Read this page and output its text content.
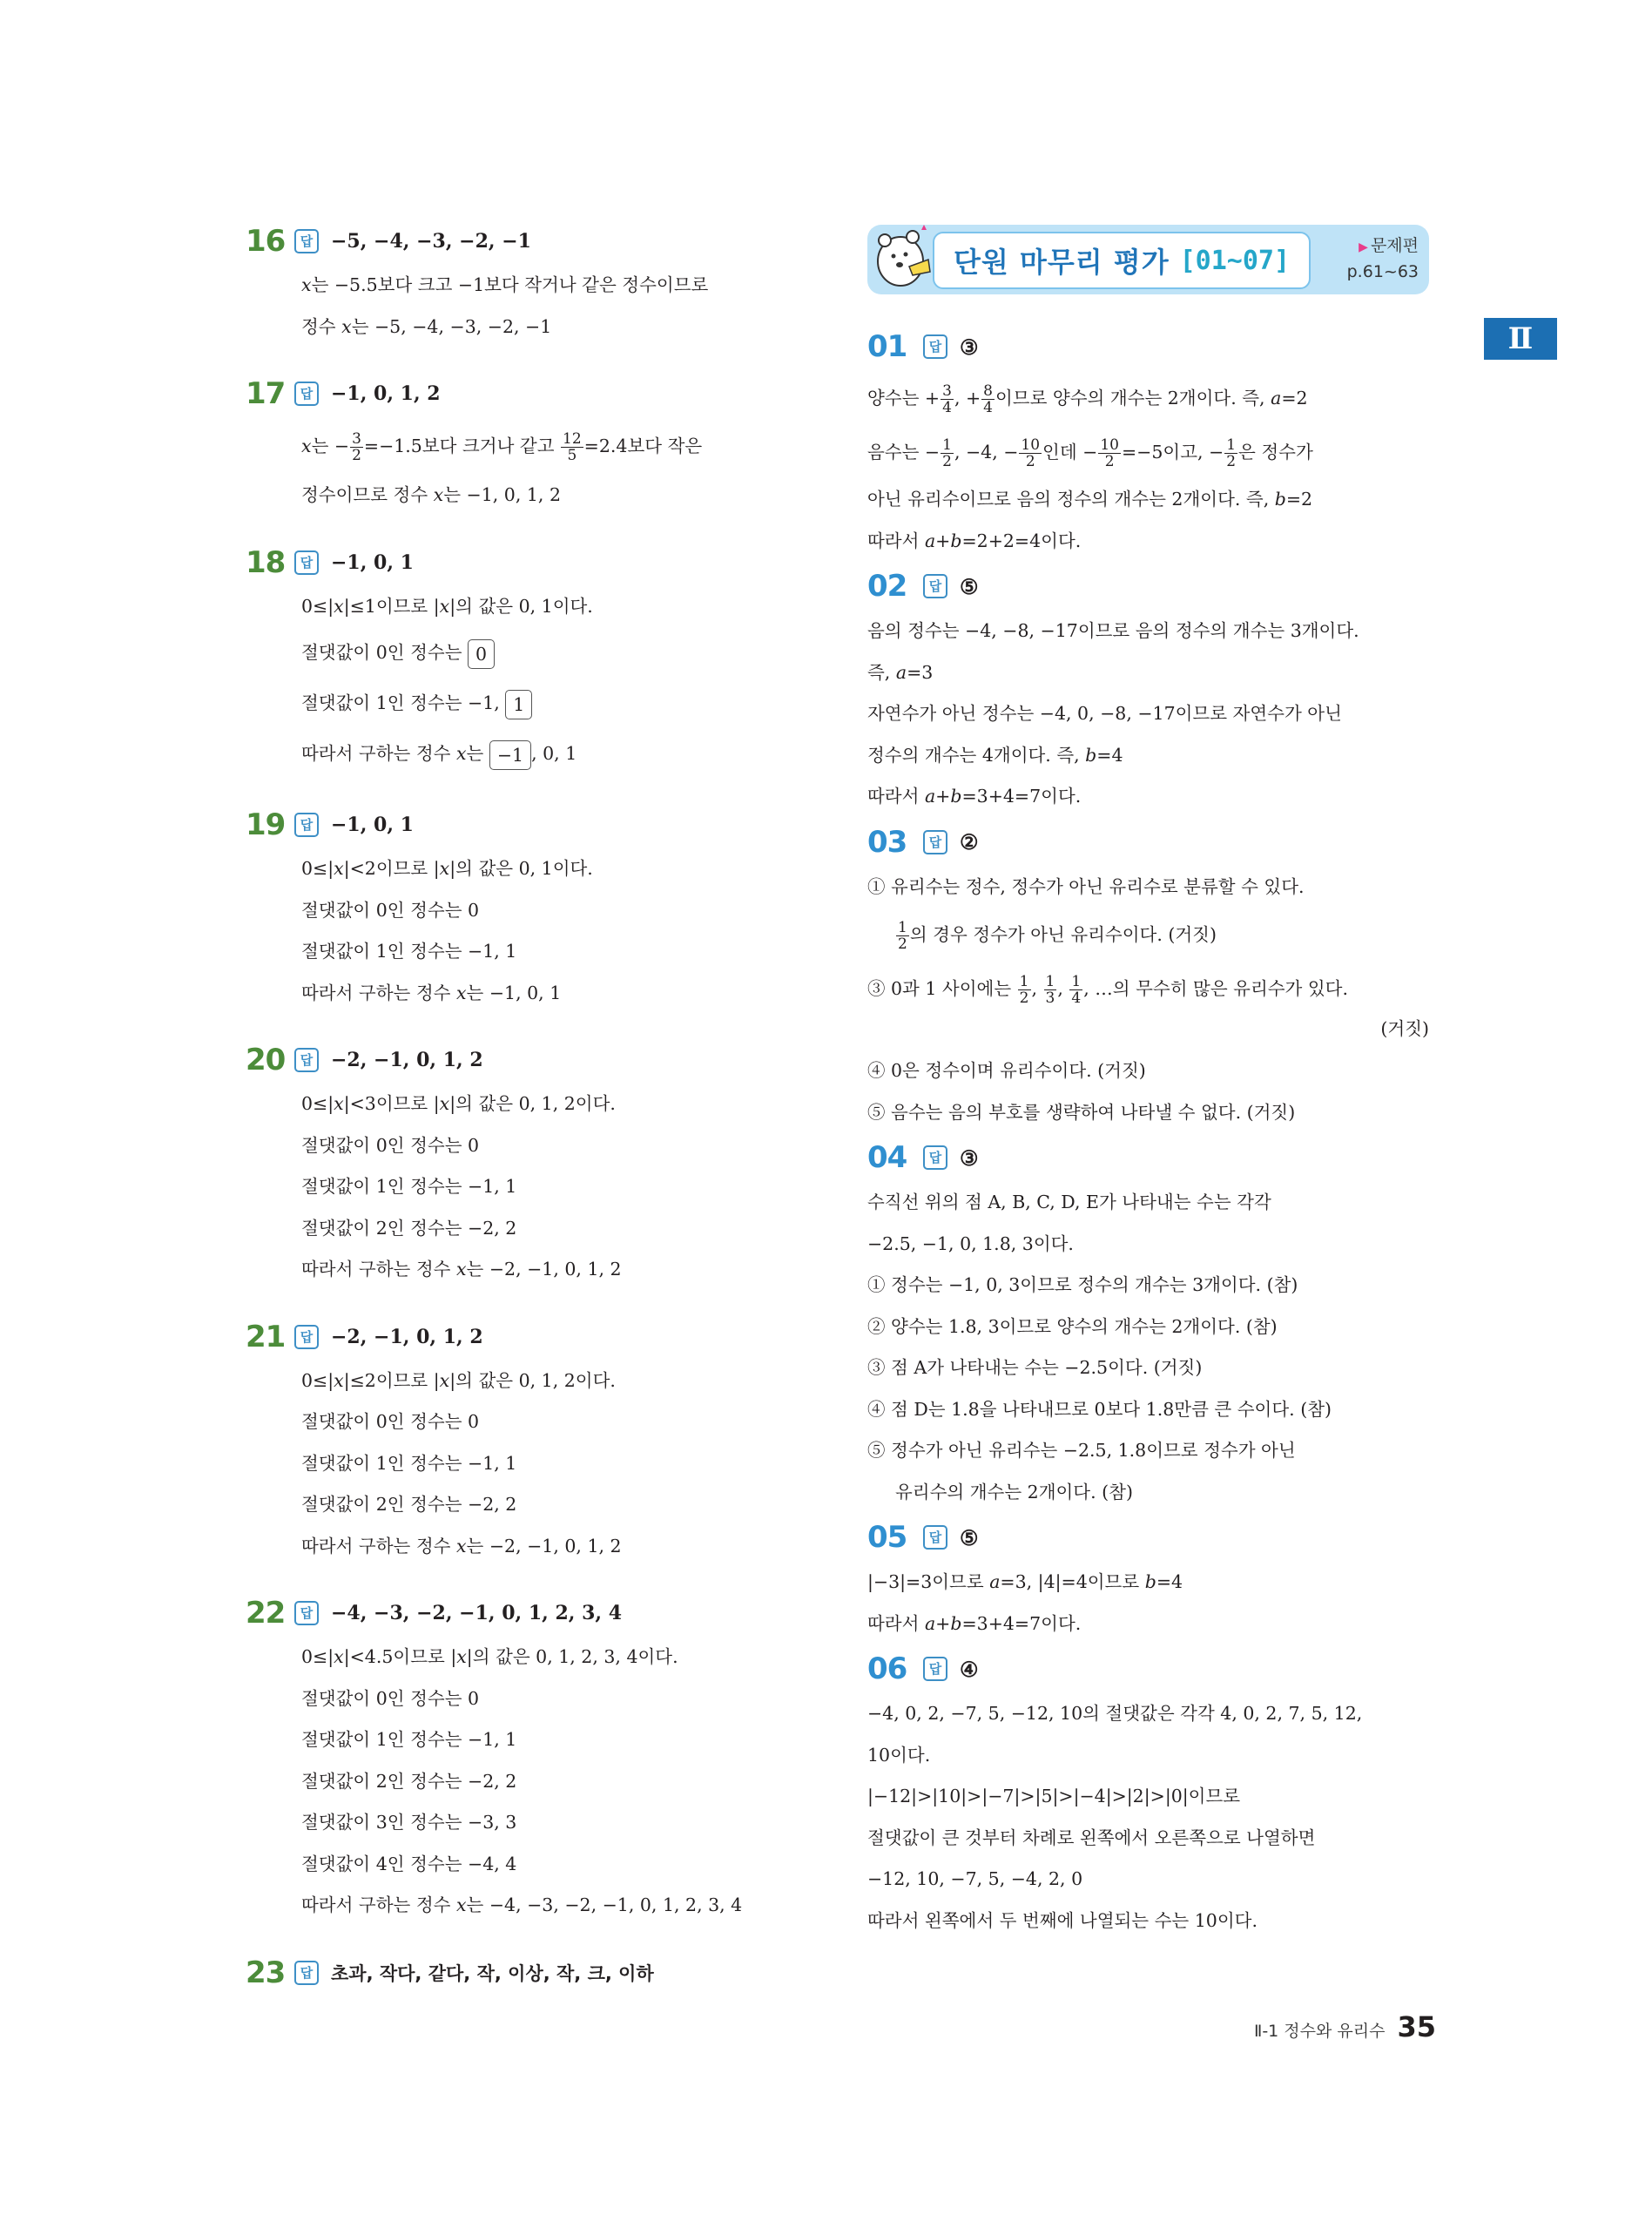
단원 마무리 평가 [01~07]	▶ 문제편
p.61~63
Ⅱ
16	답 −5, −4, −3, −2, −1
x는 −5.5보다 크고 −1보다 작거나 같은 정수이므로
정수 x는 −5, −4, −3, −2, −1
17	답 −1, 0, 1, 2
x는 − $\frac{3}{2} =-1.5$보다 크거나 같고 $\frac{12}{5} =2.4$보다 작은
정수이므로 정수 x는 −1, 0, 1, 2
18	답 −1, 0, 1
0≤|x|≤1이므로 |x|의 값은 0, 1이다.
절댓값이 0인 정수는 0
절댓값이 1인 정수는 −1, 1
따라서 구하는 정수 x는 −1 , 0, 1
19	답 −1, 0, 1
0≤|x|<2이므로 |x|의 값은 0, 1이다.
절댓값이 0인 정수는 0
절댓값이 1인 정수는 −1, 1
따라서 구하는 정수 x는 −1, 0, 1
20	답 −2, −1, 0, 1, 2
0≤|x|<3이므로 |x|의 값은 0, 1, 2이다.
절댓값이 0인 정수는 0
절댓값이 1인 정수는 −1, 1
절댓값이 2인 정수는 −2, 2
따라서 구하는 정수 x는 −2, −1, 0, 1, 2
21	답 −2, −1, 0, 1, 2
0≤|x|≤2이므로 |x|의 값은 0, 1, 2이다.
절댓값이 0인 정수는 0
절댓값이 1인 정수는 −1, 1
절댓값이 2인 정수는 −2, 2
따라서 구하는 정수 x는 −2, −1, 0, 1, 2
22	답 −4, −3, −2, −1, 0, 1, 2, 3, 4
0≤|x|<4.5이므로 |x|의 값은 0, 1, 2, 3, 4이다.
절댓값이 0인 정수는 0
절댓값이 1인 정수는 −1, 1
절댓값이 2인 정수는 −2, 2
절댓값이 3인 정수는 −3, 3
절댓값이 4인 정수는 −4, 4
따라서 구하는 정수 x는 −4, −3, −2, −1, 0, 1, 2, 3, 4
23	답 초과, 작다, 같다, 작, 이상, 작, 크, 이하
01	답 ③
양수는 + $\frac{3}{4}$ , + $\frac{8}{4}$ 이므로 양수의 개수는 2개이다. 즉, a=2
음수는 − $\frac{1}{2}$ , −4, − $\frac{10}{2}$ 인데 − $\frac{10}{2} =-5$이고, − $\frac{1}{2}$ 은 정수가
아닌 유리수이므로 음의 정수의 개수는 2개이다. 즉, b=2
따라서 a+b=2+2=4이다.
02	답 ⑤
음의 정수는 −4, −8, −17이므로 음의 정수의 개수는 3개이다.
즉, a=3
자연수가 아닌 정수는 −4, 0, −8, −17이므로 자연수가 아닌
정수의 개수는 4개이다. 즉, b=4
따라서 a+b=3+4=7이다.
03	답 ②
① 유리수는 정수, 정수가 아닌 유리수로 분류할 수 있다.
$\frac{1}{2}$ 의 경우 정수가 아닌 유리수이다. (거짓)
③ 0과 1 사이에는 $\frac{1}{2}$ , $\frac{1}{3}$ , $\frac{1}{4}$ , …의 무수히 많은 유리수가 있다.
(거짓)
④ 0은 정수이며 유리수이다. (거짓)
⑤ 음수는 음의 부호를 생략하여 나타낼 수 없다. (거짓)
04	답 ③
수직선 위의 점 A, B, C, D, E가 나타내는 수는 각각
−2.5, −1, 0, 1.8, 3이다.
① 정수는 −1, 0, 3이므로 정수의 개수는 3개이다. (참)
② 양수는 1.8, 3이므로 양수의 개수는 2개이다. (참)
③ 점 A가 나타내는 수는 −2.5이다. (거짓)
④ 점 D는 1.8을 나타내므로 0보다 1.8만큼 큰 수이다. (참)
⑤ 정수가 아닌 유리수는 −2.5, 1.8이므로 정수가 아닌
유리수의 개수는 2개이다. (참)
05	답 ⑤
|−3|=3이므로 a=3, |4|=4이므로 b=4
따라서 a+b=3+4=7이다.
06	답 ④
−4, 0, 2, −7, 5, −12, 10의 절댓값은 각각 4, 0, 2, 7, 5, 12,
10이다.
|−12|>|10|>|−7|>|5|>|−4|>|2|>|0|이므로
절댓값이 큰 것부터 차례로 왼쪽에서 오른쪽으로 나열하면
−12, 10, −7, 5, −4, 2, 0
따라서 왼쪽에서 두 번째에 나열되는 수는 10이다.
Ⅱ-1 정수와 유리수 35
